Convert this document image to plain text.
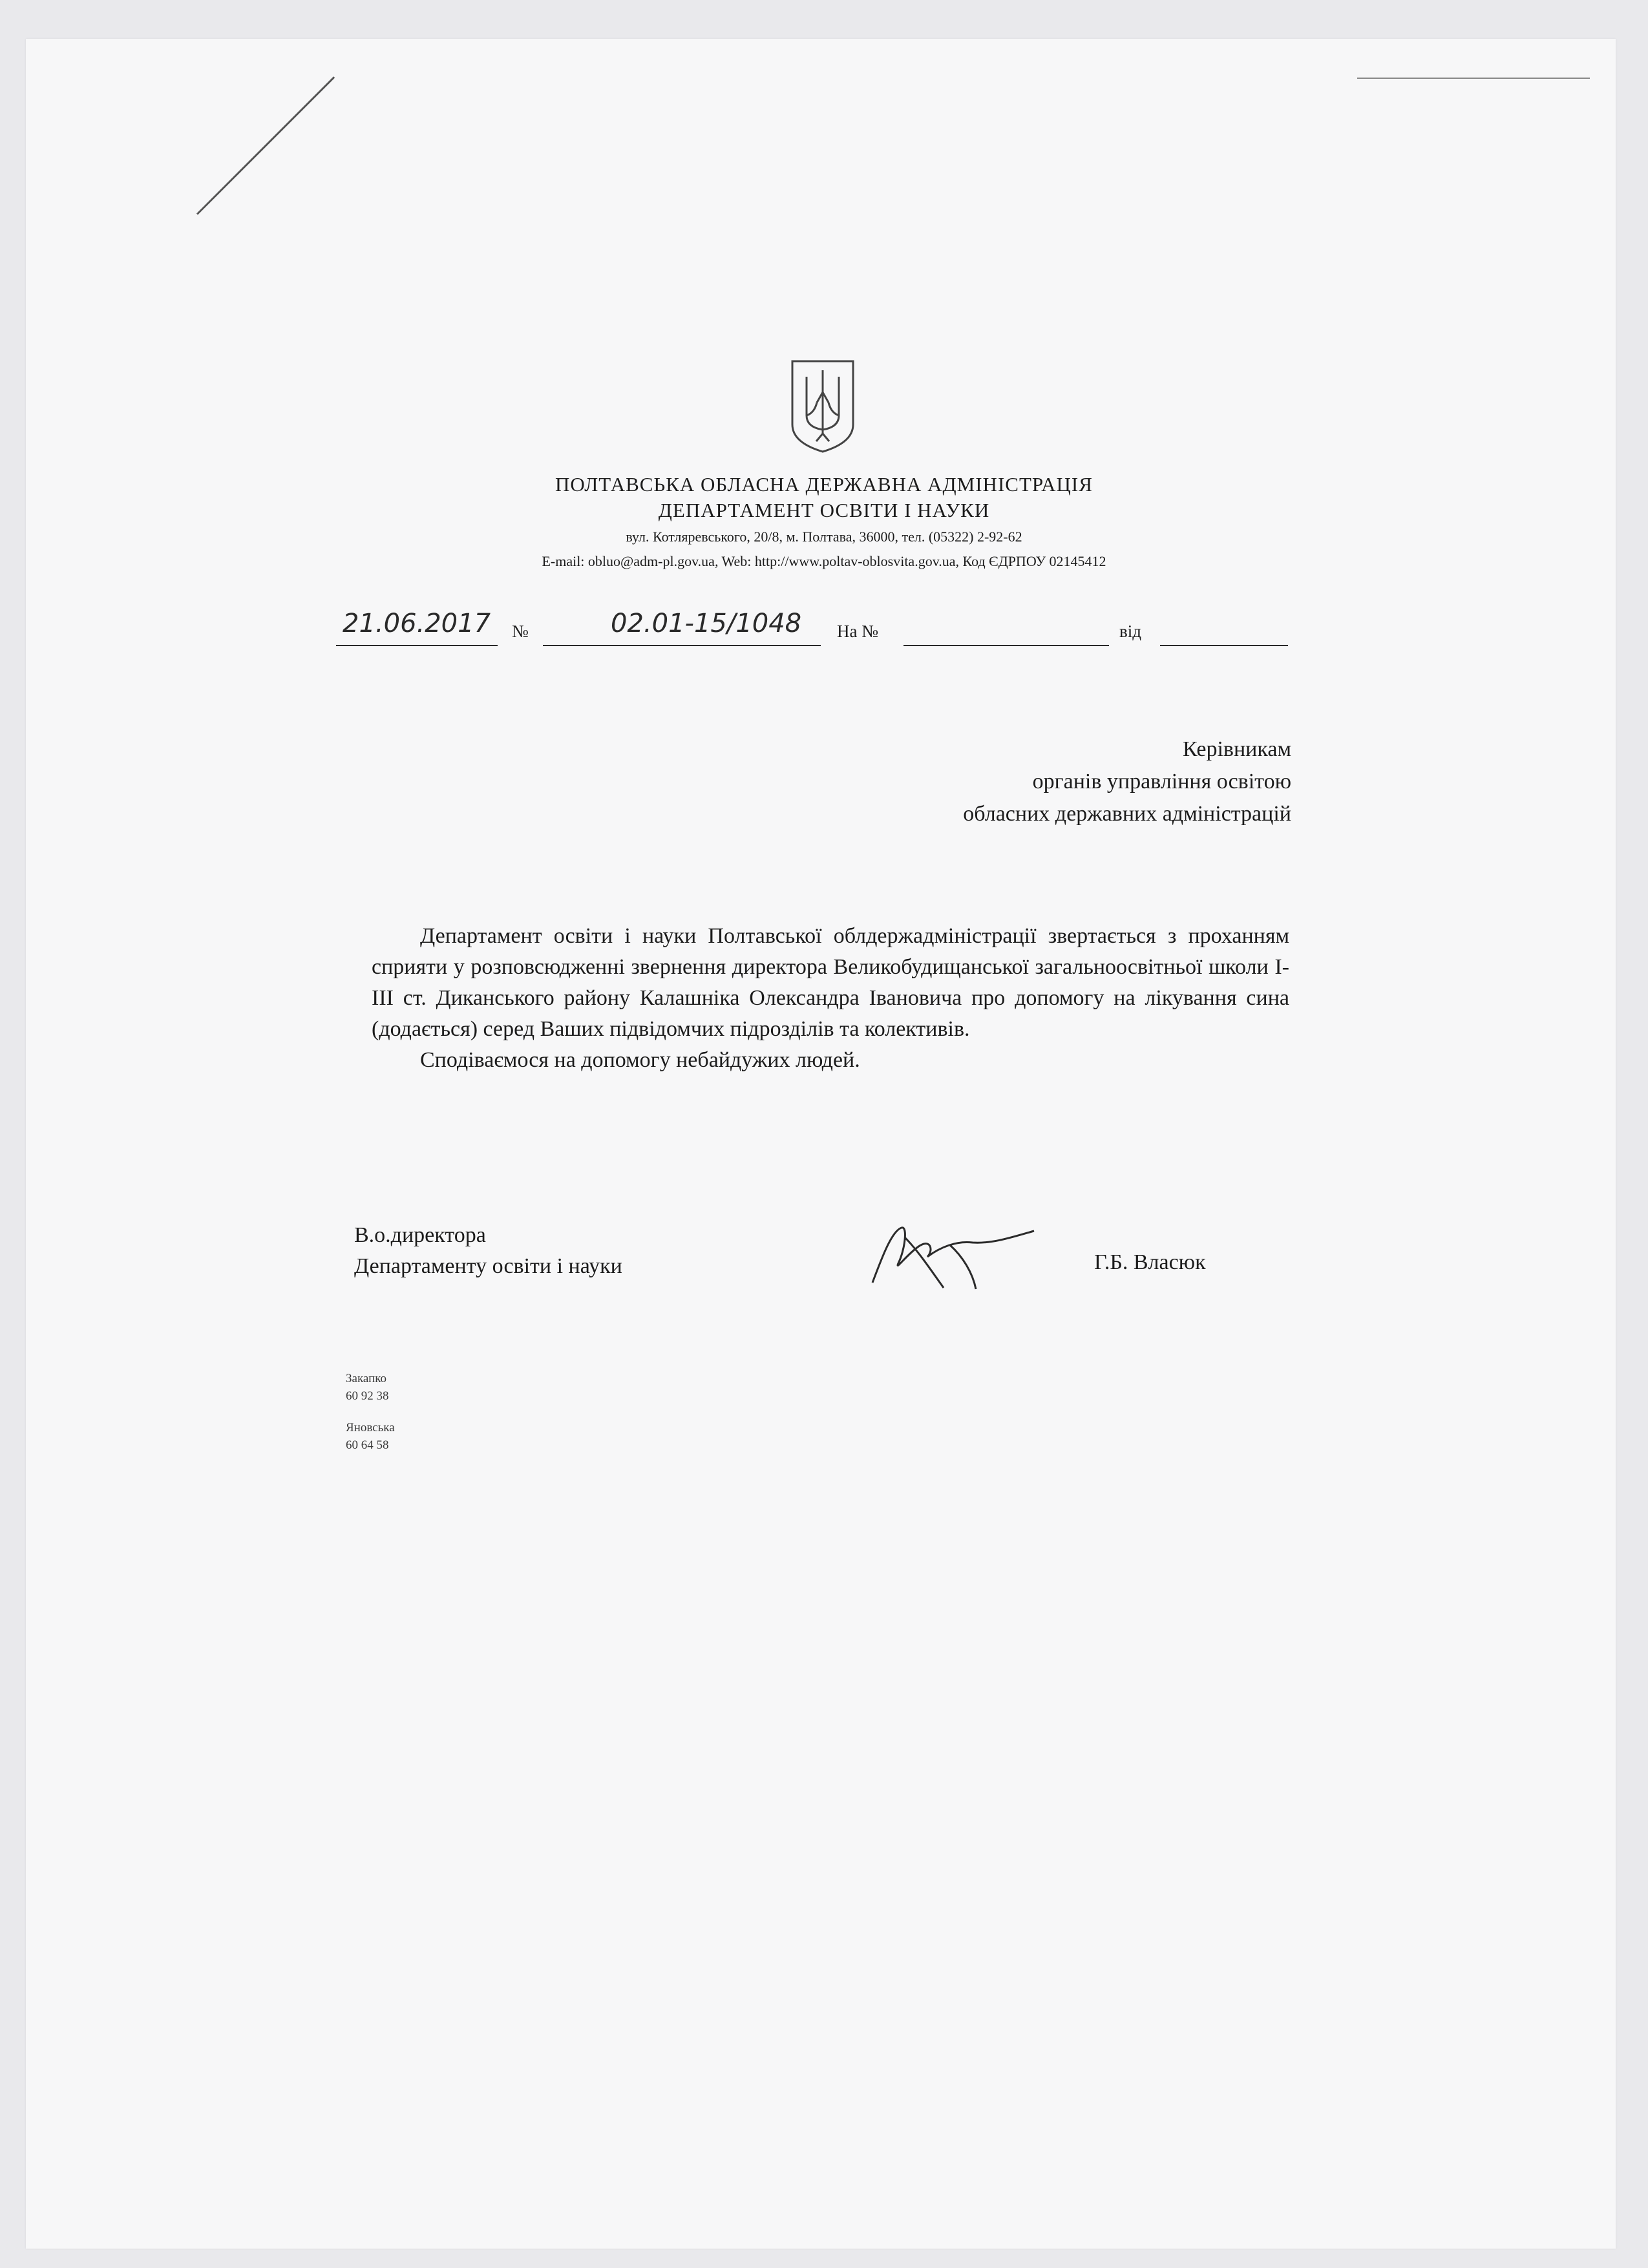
ПОЛТАВСЬКА ОБЛАСНА ДЕРЖАВНА АДМІНІСТРАЦІЯ
ДЕПАРТАМЕНТ ОСВІТИ І НАУКИ
вул. Котляревського, 20/8, м. Полтава, 36000, тел. (05322) 2-92-62
E-mail: obluo@adm-pl.gov.ua, Web: http://www.poltav-oblosvita.gov.ua, Код ЄДРПОУ 02145412
21.06.2017 №	02.01-15/1048 На №	від
Керівникам
органів управління освітою
обласних державних адміністрацій

Департамент освіти і науки Полтавської облдержадміністрації звертається з проханням сприяти у розповсюдженні звернення директора Великобудищанської загальноосвітньої школи І-ІІІ ст. Диканського району Калашніка Олександра Івановича про допомогу на лікування сина (додається) серед Ваших підвідомчих підрозділів та колективів.

Сподіваємося на допомогу небайдужих людей.

В.о.директора
Департаменту освіти і науки	Г.Б. Власюк
Закапко
60 92 38
Яновська
60 64 58
